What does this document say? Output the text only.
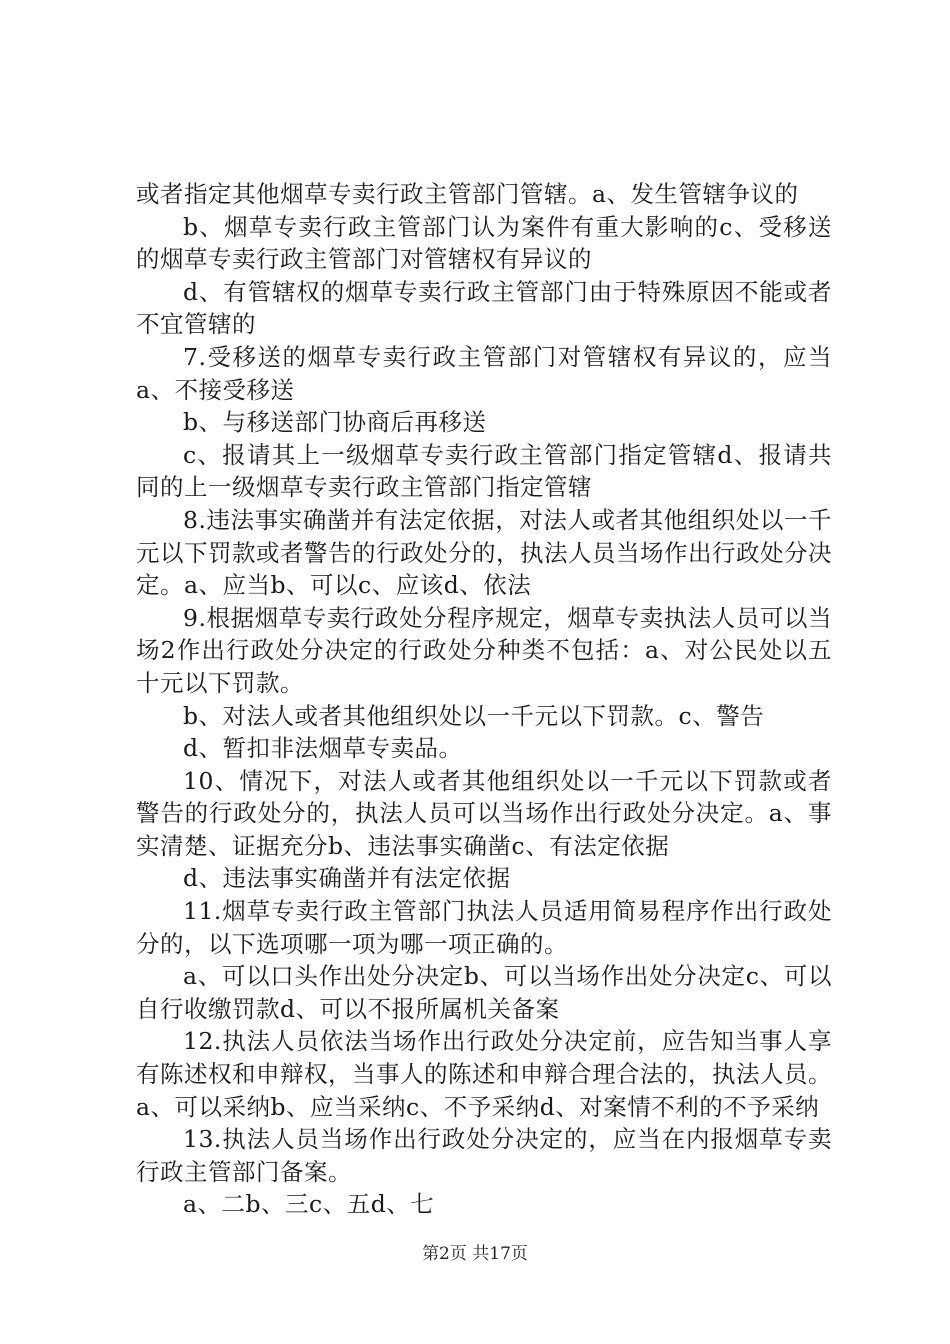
或者指定其他烟草专卖行政主管部门管辖。a、发生管辖争议的

b、烟草专卖行政主管部门认为案件有重大影响的c、受移送的烟草专卖行政主管部门对管辖权有异议的

d、有管辖权的烟草专卖行政主管部门由于特殊原因不能或者不宜管辖的

7.受移送的烟草专卖行政主管部门对管辖权有异议的，应当a、不接受移送

b、与移送部门协商后再移送

c、报请其上一级烟草专卖行政主管部门指定管辖d、报请共同的上一级烟草专卖行政主管部门指定管辖

8.违法事实确凿并有法定依据，对法人或者其他组织处以一千元以下罚款或者警告的行政处分的，执法人员当场作出行政处分决定。a、应当b、可以c、应该d、依法

9.根据烟草专卖行政处分程序规定，烟草专卖执法人员可以当场2作出行政处分决定的行政处分种类不包括：a、对公民处以五十元以下罚款。

b、对法人或者其他组织处以一千元以下罚款。c、警告

d、暂扣非法烟草专卖品。

10、情况下，对法人或者其他组织处以一千元以下罚款或者警告的行政处分的，执法人员可以当场作出行政处分决定。a、事实清楚、证据充分b、违法事实确凿c、有法定依据

d、违法事实确凿并有法定依据

11.烟草专卖行政主管部门执法人员适用简易程序作出行政处分的，以下选项哪一项为哪一项正确的。

a、可以口头作出处分决定b、可以当场作出处分决定c、可以自行收缴罚款d、可以不报所属机关备案

12.执法人员依法当场作出行政处分决定前，应告知当事人享有陈述权和申辩权，当事人的陈述和申辩合理合法的，执法人员。a、可以采纳b、应当采纳c、不予采纳d、对案情不利的不予采纳

13.执法人员当场作出行政处分决定的，应当在内报烟草专卖行政主管部门备案。

a、二b、三c、五d、七

第2页 共17页
